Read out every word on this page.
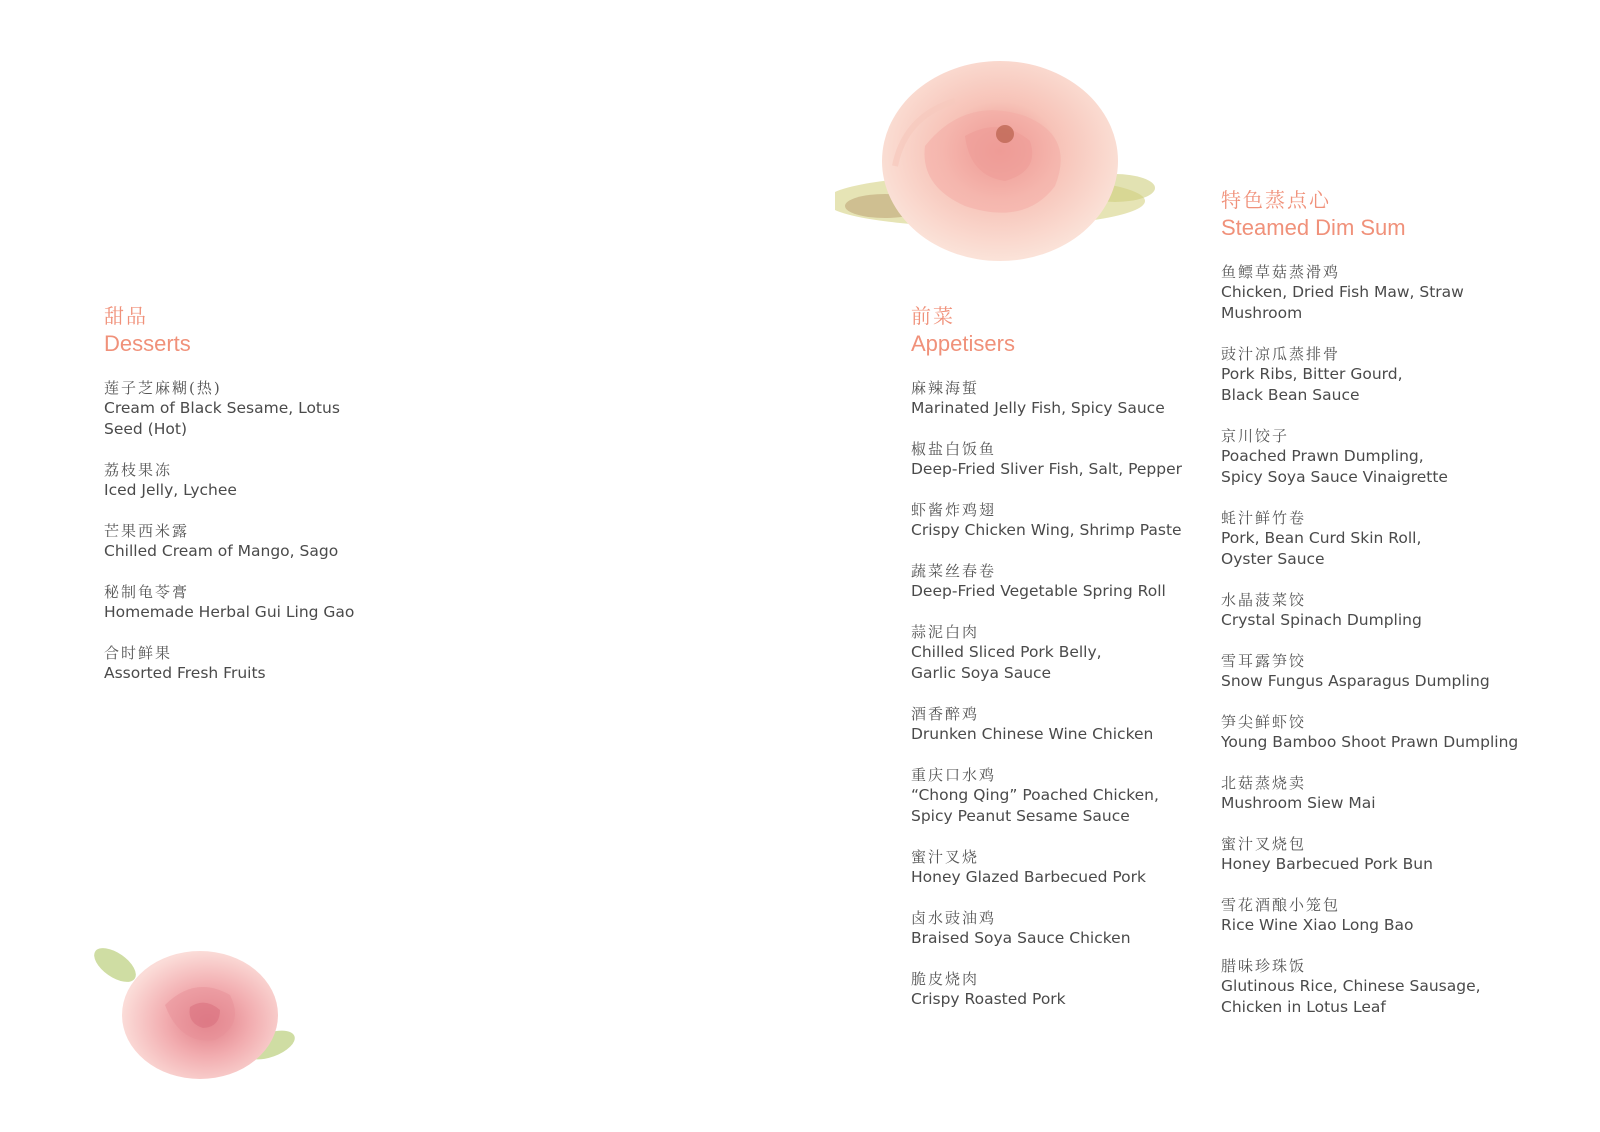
甜品
Desserts
莲子芝麻糊(热)
Cream of Black Sesame, Lotus
Seed (Hot)
荔枝果冻
Iced Jelly, Lychee
芒果西米露
Chilled Cream of Mango, Sago
秘制龟苓膏
Homemade Herbal Gui Ling Gao
合时鲜果
Assorted Fresh Fruits
前菜
Appetisers
麻辣海蜇
Marinated Jelly Fish, Spicy Sauce
椒盐白饭鱼
Deep-Fried Sliver Fish, Salt, Pepper
虾酱炸鸡翅
Crispy Chicken Wing, Shrimp Paste
蔬菜丝春卷
Deep-Fried Vegetable Spring Roll
蒜泥白肉
Chilled Sliced Pork Belly,
Garlic Soya Sauce
酒香醉鸡
Drunken Chinese Wine Chicken
重庆口水鸡
“Chong Qing” Poached Chicken,
Spicy Peanut Sesame Sauce
蜜汁叉烧
Honey Glazed Barbecued Pork
卤水豉油鸡
Braised Soya Sauce Chicken
脆皮烧肉
Crispy Roasted Pork
特色蒸点心
Steamed Dim Sum
鱼鳔草菇蒸滑鸡
Chicken, Dried Fish Maw, Straw
Mushroom
豉汁凉瓜蒸排骨
Pork Ribs, Bitter Gourd,
Black Bean Sauce
京川饺子
Poached Prawn Dumpling,
Spicy Soya Sauce Vinaigrette
蚝汁鲜竹卷
Pork, Bean Curd Skin Roll,
Oyster Sauce
水晶菠菜饺
Crystal Spinach Dumpling
雪耳露笋饺
Snow Fungus Asparagus Dumpling
笋尖鲜虾饺
Young Bamboo Shoot Prawn Dumpling
北菇蒸烧卖
Mushroom Siew Mai
蜜汁叉烧包
Honey Barbecued Pork Bun
雪花酒酿小笼包
Rice Wine Xiao Long Bao
腊味珍珠饭
Glutinous Rice, Chinese Sausage,
Chicken in Lotus Leaf
